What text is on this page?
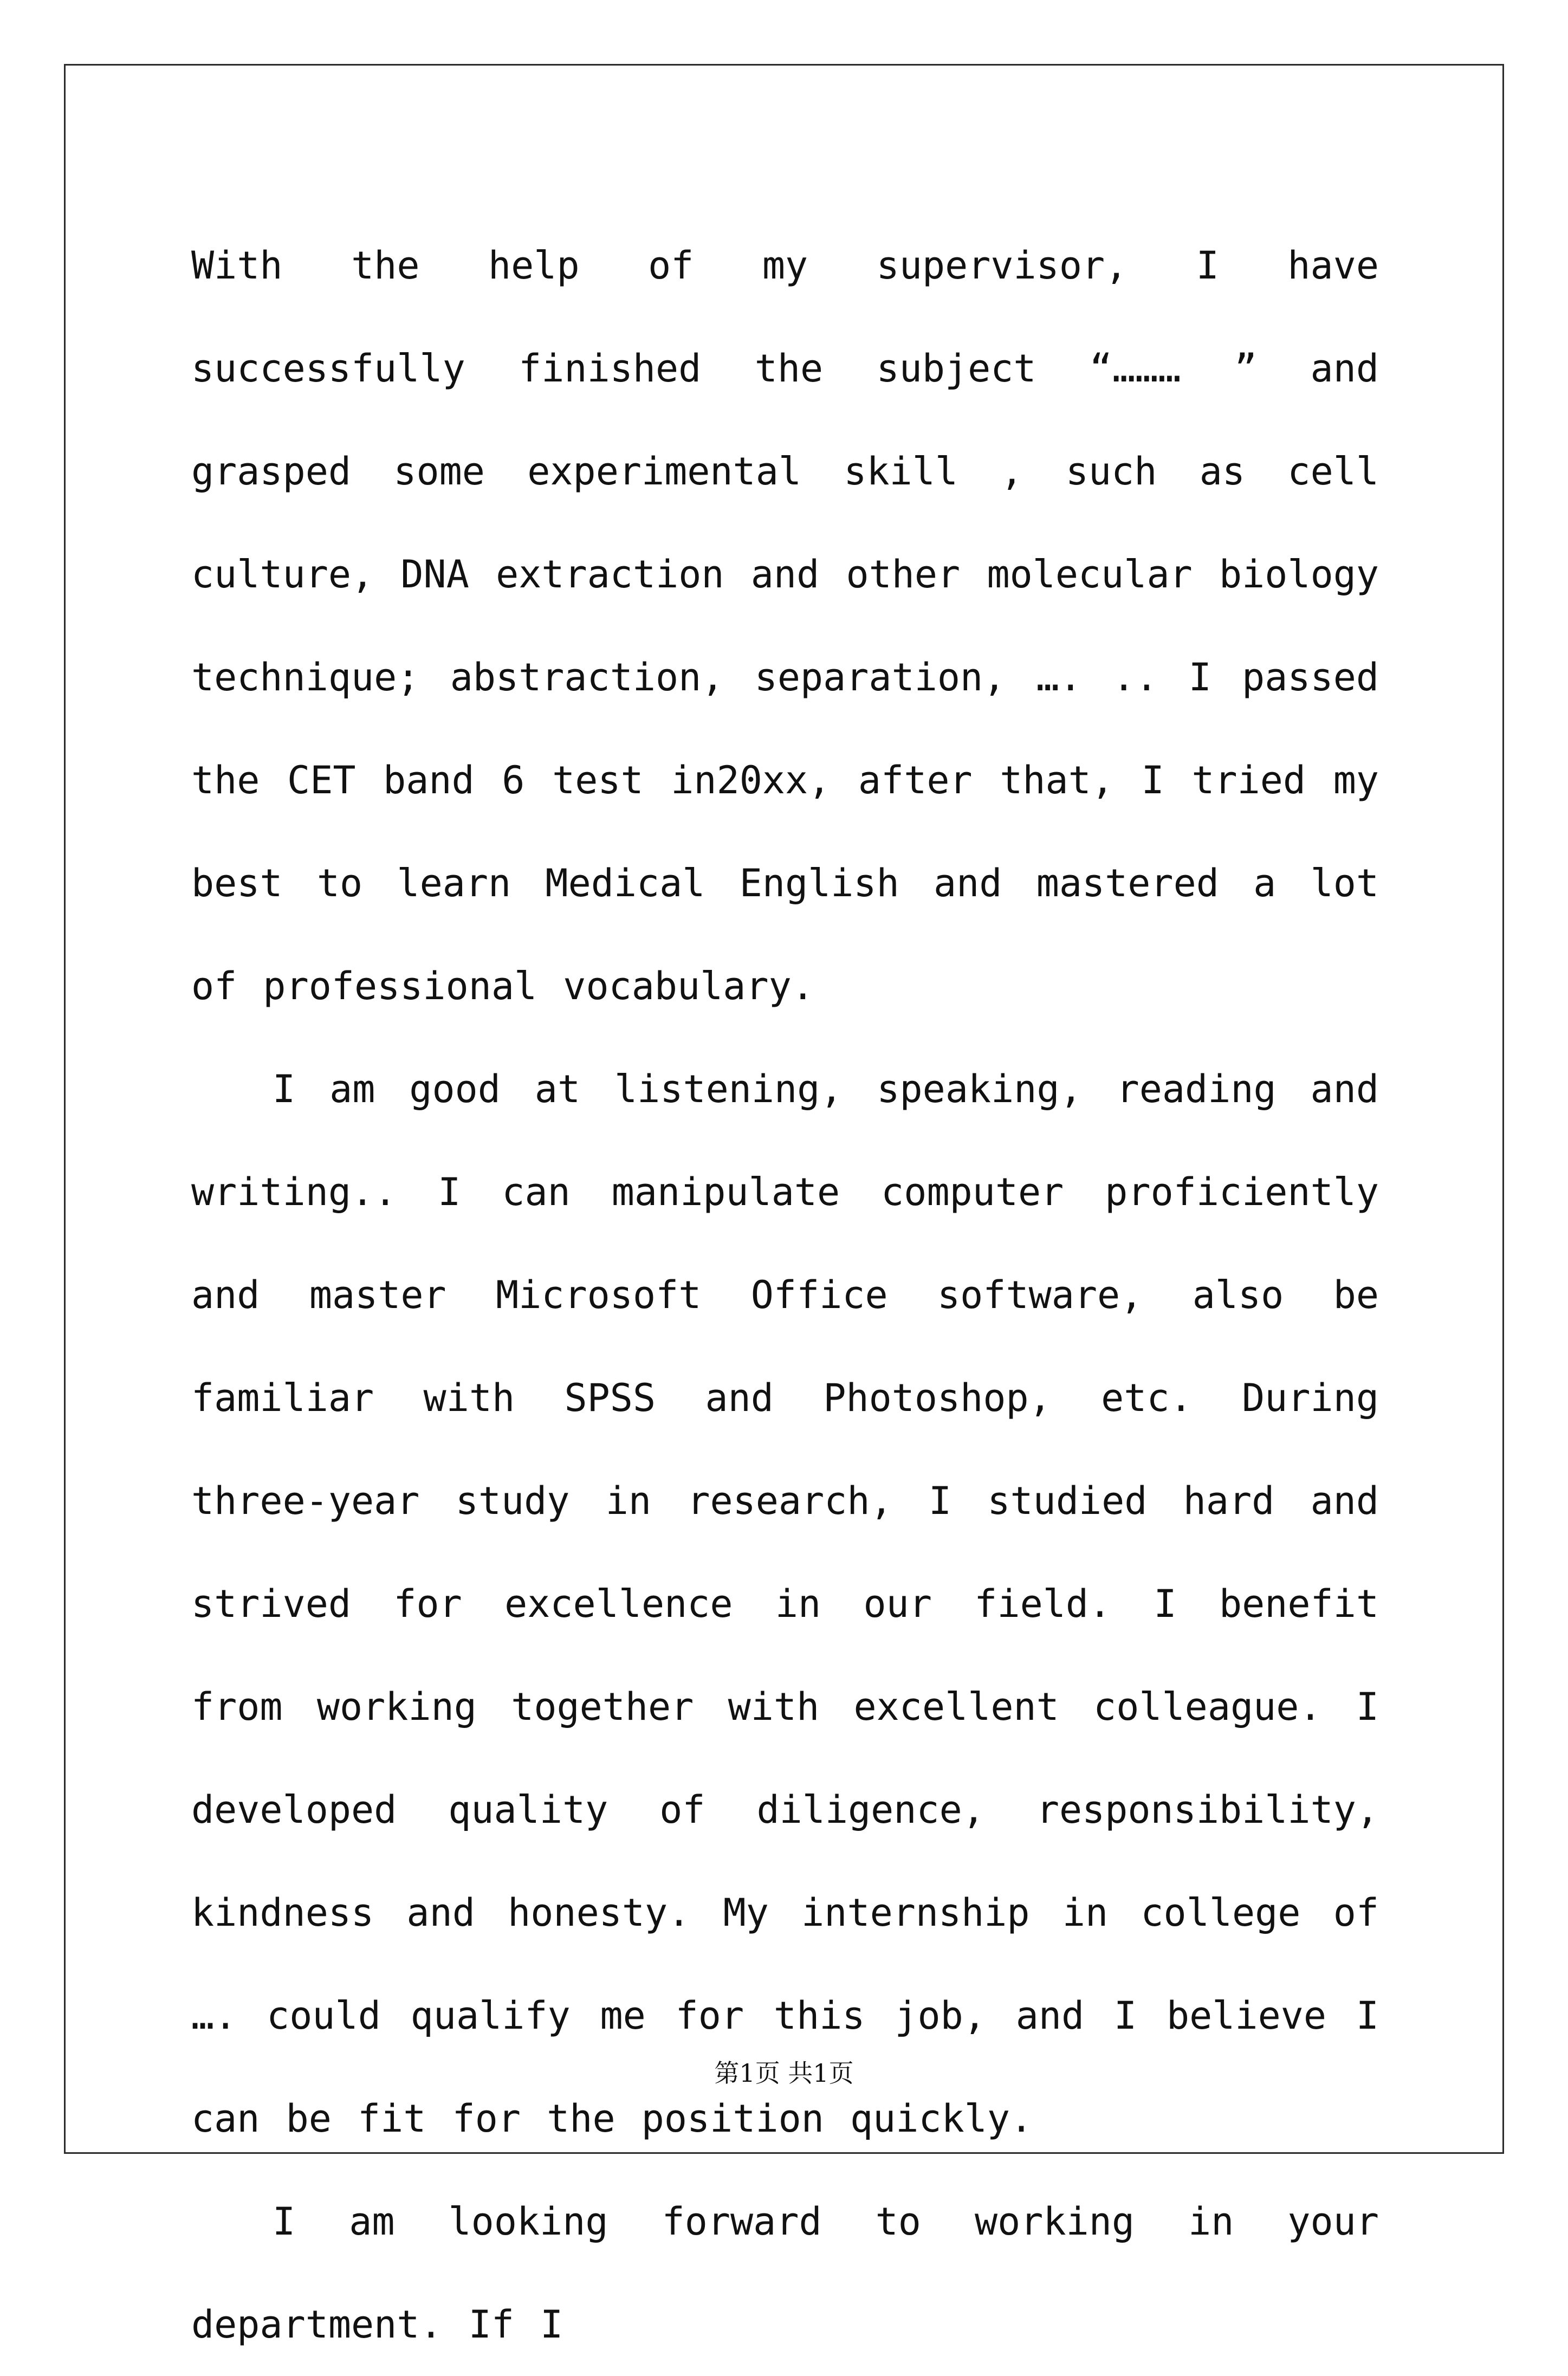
With the help of my supervisor, I have successfully finished the subject “……… ” and grasped some experimental skill , such as cell culture, DNA extraction and other molecular biology technique; abstraction, separation, …. .. I passed the CET band 6 test in20xx, after that, I tried my best to learn Medical English and mastered a lot of professional vocabulary.

I am good at listening, speaking, reading and writing.. I can manipulate computer proficiently and master Microsoft Office software, also be familiar with SPSS and Photoshop, etc. During three-year study in research, I studied hard and strived for excellence in our field. I benefit from working together with excellent colleague. I developed quality of diligence, responsibility, kindness and honesty. My internship in college of …. could qualify me for this job, and I believe I can be fit for the position quickly.

I am looking forward to working in your department. If I

第1页 共1页
